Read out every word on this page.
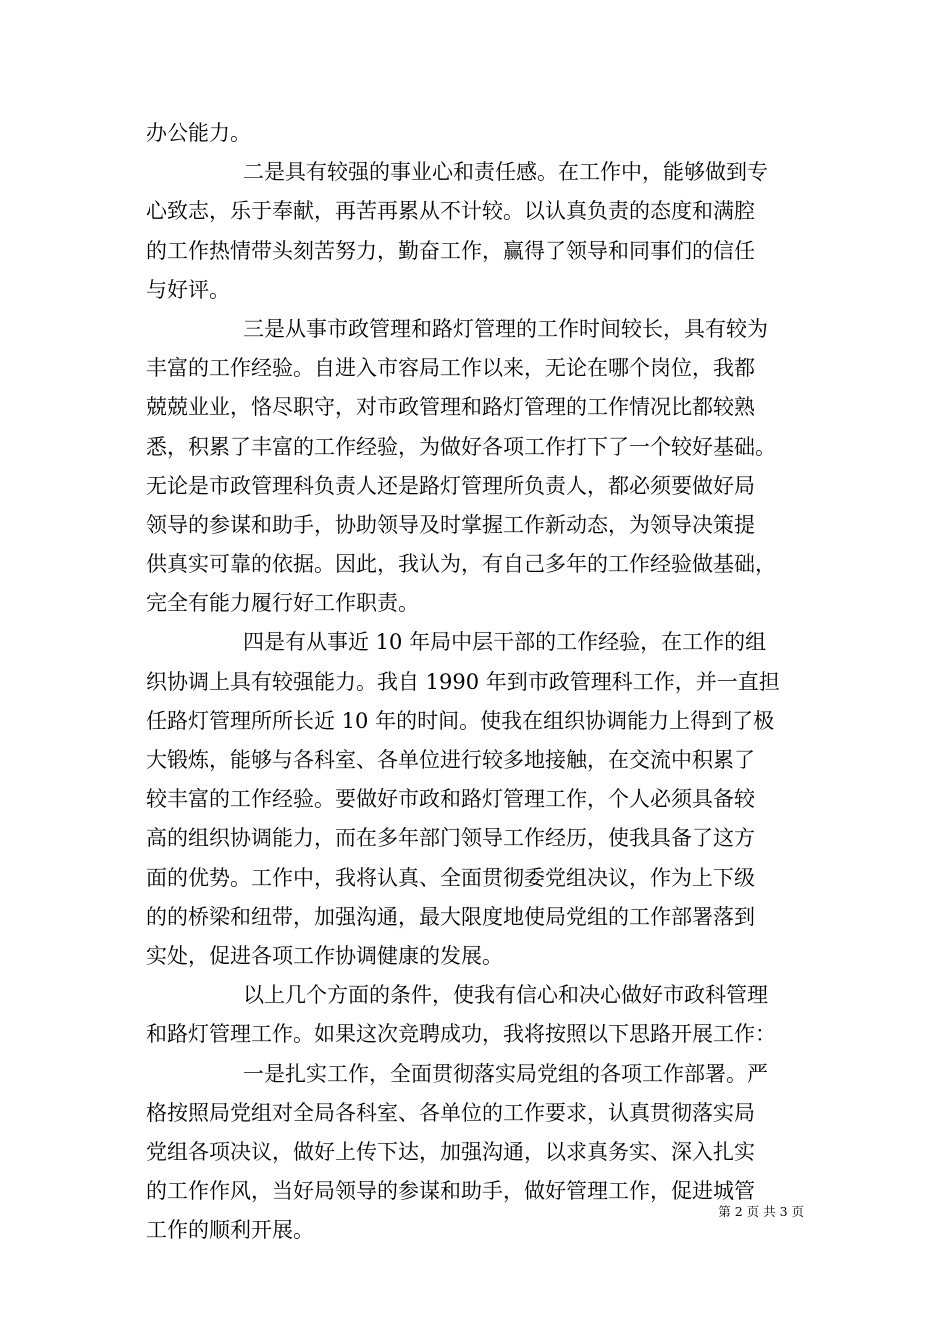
办公能力。
二是具有较强的事业心和责任感。在工作中，能够做到专
心致志，乐于奉献，再苦再累从不计较。以认真负责的态度和满腔
的工作热情带头刻苦努力，勤奋工作，赢得了领导和同事们的信任
与好评。
三是从事市政管理和路灯管理的工作时间较长，具有较为
丰富的工作经验。自进入市容局工作以来，无论在哪个岗位，我都
兢兢业业，恪尽职守，对市政管理和路灯管理的工作情况比都较熟
悉，积累了丰富的工作经验，为做好各项工作打下了一个较好基础。
无论是市政管理科负责人还是路灯管理所负责人，都必须要做好局
领导的参谋和助手，协助领导及时掌握工作新动态，为领导决策提
供真实可靠的依据。因此，我认为，有自己多年的工作经验做基础，
完全有能力履行好工作职责。
四是有从事近 10 年局中层干部的工作经验，在工作的组
织协调上具有较强能力。我自 1990 年到市政管理科工作，并一直担
任路灯管理所所长近 10 年的时间。使我在组织协调能力上得到了极
大锻炼，能够与各科室、各单位进行较多地接触，在交流中积累了
较丰富的工作经验。要做好市政和路灯管理工作，个人必须具备较
高的组织协调能力，而在多年部门领导工作经历，使我具备了这方
面的优势。工作中，我将认真、全面贯彻委党组决议，作为上下级
的的桥梁和纽带，加强沟通，最大限度地使局党组的工作部署落到
实处，促进各项工作协调健康的发展。
以上几个方面的条件，使我有信心和决心做好市政科管理
和路灯管理工作。如果这次竞聘成功，我将按照以下思路开展工作：
一是扎实工作，全面贯彻落实局党组的各项工作部署。严
格按照局党组对全局各科室、各单位的工作要求，认真贯彻落实局
党组各项决议，做好上传下达，加强沟通，以求真务实、深入扎实
的工作作风，当好局领导的参谋和助手，做好管理工作，促进城管
工作的顺利开展。
第 2 页 共 3 页
